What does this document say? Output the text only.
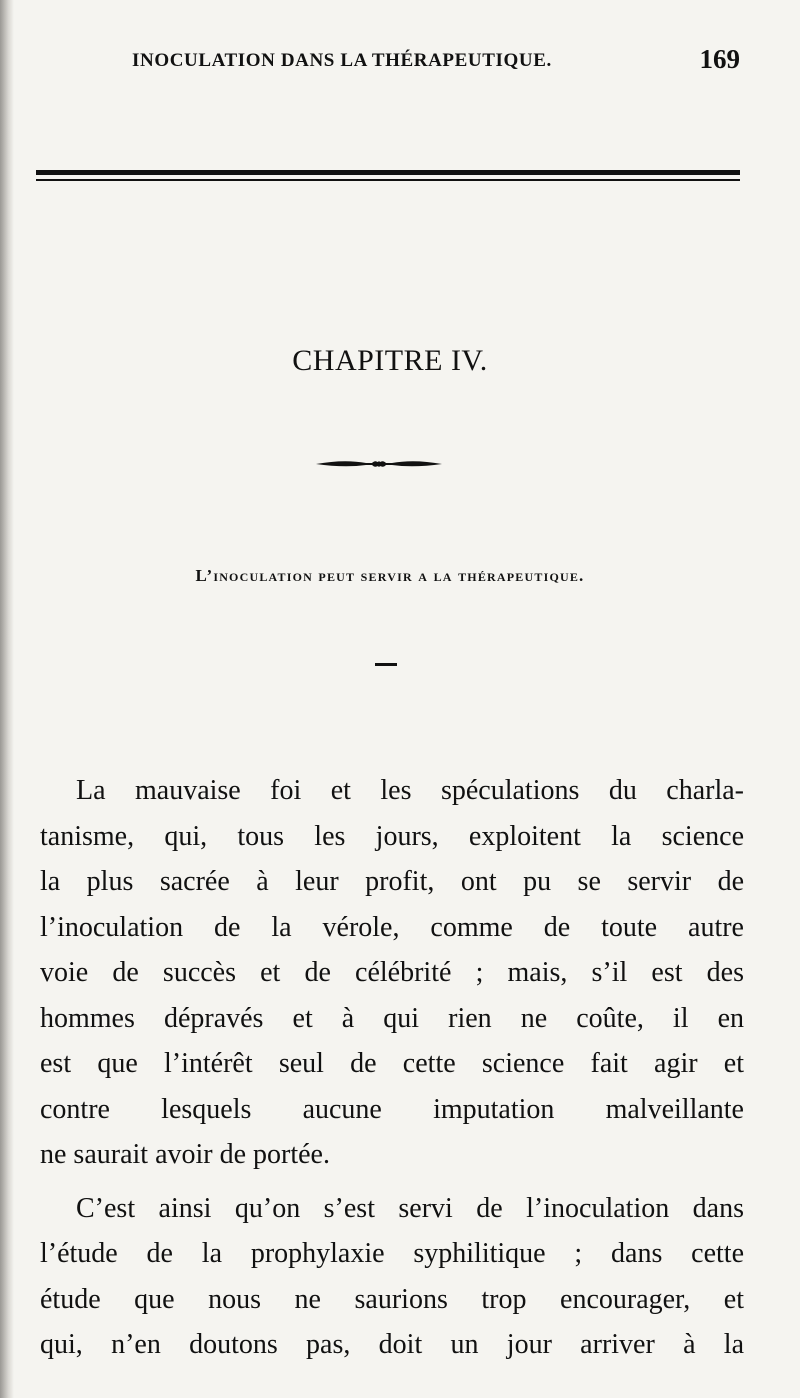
INOCULATION DANS LA THÉRAPEUTIQUE.	169
CHAPITRE IV.
L’inoculation peut servir a la thérapeutique.
La mauvaise foi et les spéculations du charla-
tanisme, qui, tous les jours, exploitent la science
la plus sacrée à leur profit, ont pu se servir de
l’inoculation de la vérole, comme de toute autre
voie de succès et de célébrité ; mais, s’il est des
hommes dépravés et à qui rien ne coûte, il en
est que l’intérêt seul de cette science fait agir et
contre lesquels aucune imputation malveillante
ne saurait avoir de portée.
C’est ainsi qu’on s’est servi de l’inoculation dans
l’étude de la prophylaxie syphilitique ; dans cette
étude que nous ne saurions trop encourager, et
qui, n’en doutons pas, doit un jour arriver à la
